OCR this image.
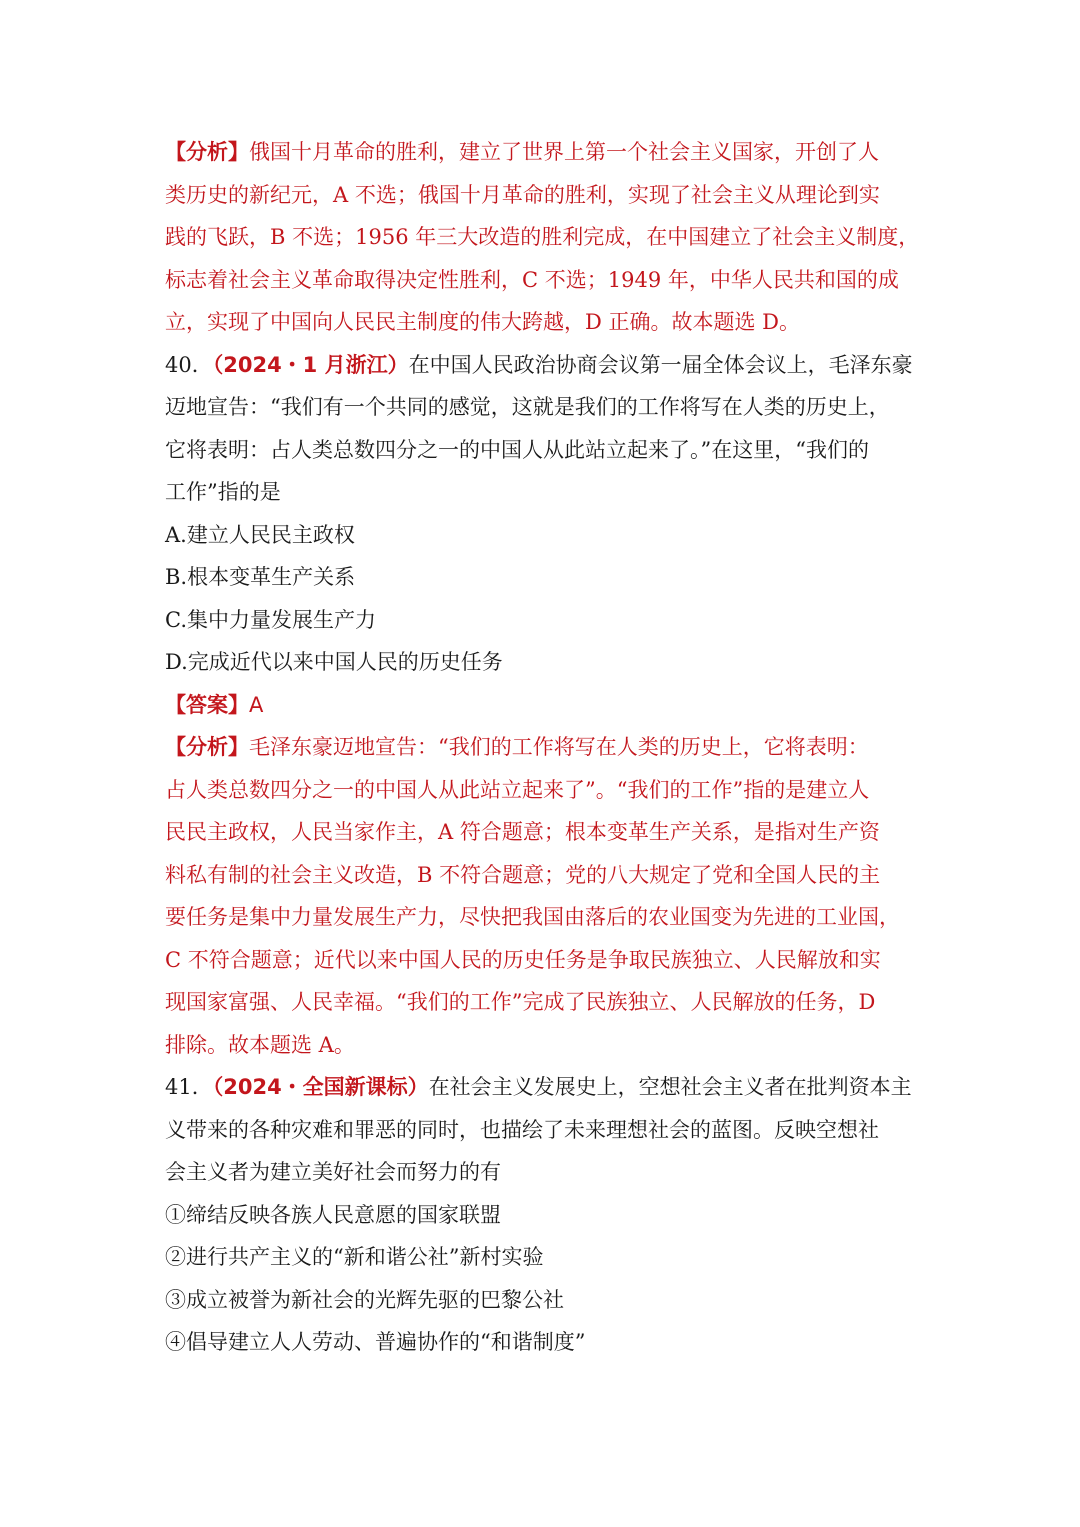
【分析】俄国十月革命的胜利，建立了世界上第一个社会主义国家，开创了人
类历史的新纪元，A 不选；俄国十月革命的胜利，实现了社会主义从理论到实
践的飞跃，B 不选；1956 年三大改造的胜利完成，在中国建立了社会主义制度，
标志着社会主义革命取得决定性胜利，C 不选；1949 年，中华人民共和国的成
立，实现了中国向人民民主制度的伟大跨越，D 正确。故本题选 D。
40．（2024・1 月浙江）在中国人民政治协商会议第一届全体会议上，毛泽东豪
迈地宣告：“我们有一个共同的感觉，这就是我们的工作将写在人类的历史上，
它将表明：占人类总数四分之一的中国人从此站立起来了。”在这里，“我们的
工作”指的是
A.建立人民民主政权
B.根本变革生产关系
C.集中力量发展生产力
D.完成近代以来中国人民的历史任务
【答案】A
【分析】毛泽东豪迈地宣告：“我们的工作将写在人类的历史上，它将表明：
占人类总数四分之一的中国人从此站立起来了”。“我们的工作”指的是建立人
民民主政权，人民当家作主，A 符合题意；根本变革生产关系，是指对生产资
料私有制的社会主义改造，B 不符合题意；党的八大规定了党和全国人民的主
要任务是集中力量发展生产力，尽快把我国由落后的农业国变为先进的工业国，
C 不符合题意；近代以来中国人民的历史任务是争取民族独立、人民解放和实
现国家富强、人民幸福。“我们的工作”完成了民族独立、人民解放的任务，D
排除。故本题选 A。
41．（2024・全国新课标）在社会主义发展史上，空想社会主义者在批判资本主
义带来的各种灾难和罪恶的同时，也描绘了未来理想社会的蓝图。反映空想社
会主义者为建立美好社会而努力的有
①缔结反映各族人民意愿的国家联盟
②进行共产主义的“新和谐公社”新村实验
③成立被誉为新社会的光辉先驱的巴黎公社
④倡导建立人人劳动、普遍协作的“和谐制度”
